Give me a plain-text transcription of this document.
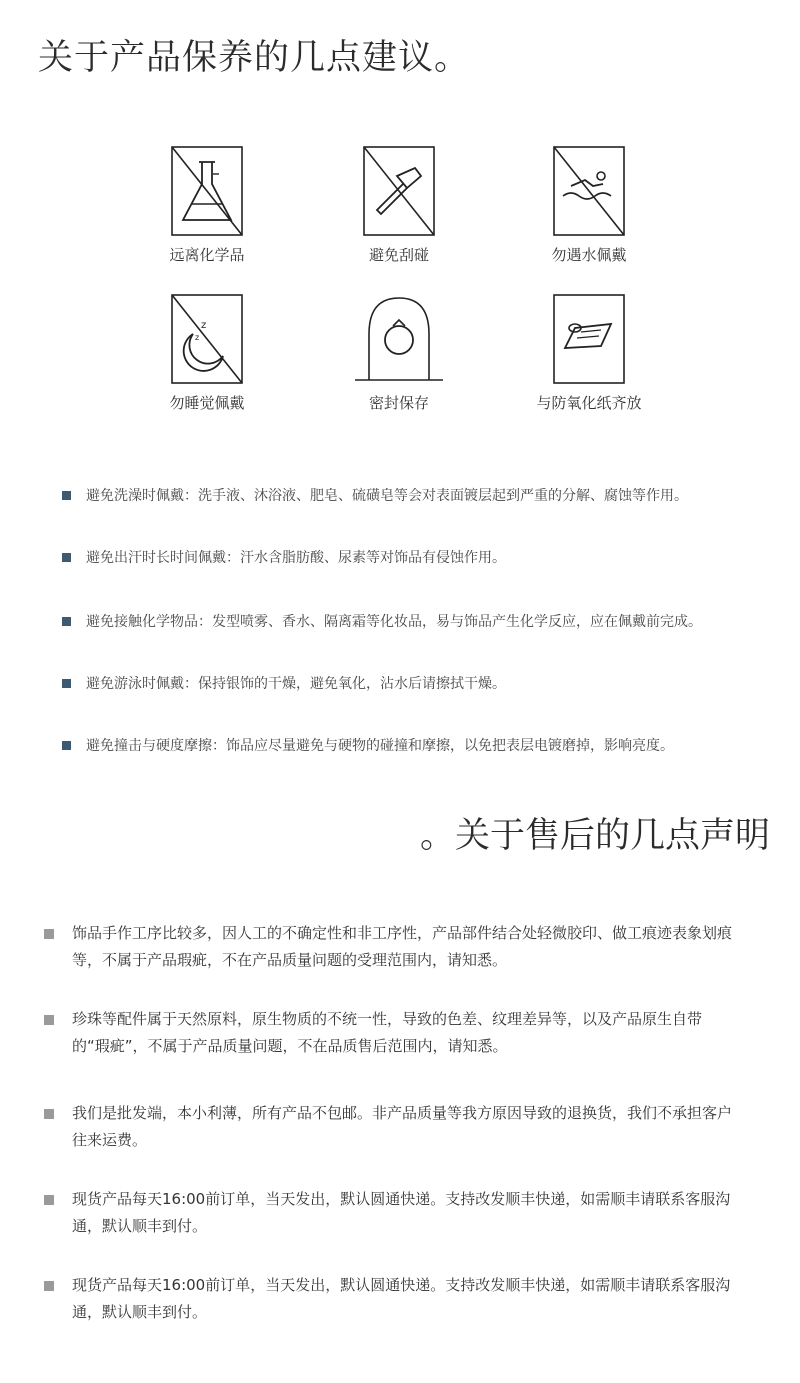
关于产品保养的几点建议。
远离化学品	避免刮碰	勿遇水佩戴
z
z
勿睡觉佩戴	密封保存	与防氧化纸齐放
避免洗澡时佩戴：洗手液、沐浴液、肥皂、硫磺皂等会对表面镀层起到严重的分解、腐蚀等作用。
避免出汗时长时间佩戴：汗水含脂肪酸、尿素等对饰品有侵蚀作用。
避免接触化学物品：发型喷雾、香水、隔离霜等化妆品，易与饰品产生化学反应，应在佩戴前完成。
避免游泳时佩戴：保持银饰的干燥，避免氧化，沾水后请擦拭干燥。
避免撞击与硬度摩擦：饰品应尽量避免与硬物的碰撞和摩擦，以免把表层电镀磨掉，影响亮度。
。关于售后的几点声明
饰品手作工序比较多，因人工的不确定性和非工序性，产品部件结合处轻微胶印、做工痕迹表象划痕等，不属于产品瑕疵，不在产品质量问题的受理范围内，请知悉。
珍珠等配件属于天然原料，原生物质的不统一性，导致的色差、纹理差异等，以及产品原生自带的“瑕疵”，不属于产品质量问题，不在品质售后范围内，请知悉。
我们是批发端，本小利薄，所有产品不包邮。非产品质量等我方原因导致的退换货，我们不承担客户往来运费。
现货产品每天16:00前订单，当天发出，默认圆通快递。支持改发顺丰快递，如需顺丰请联系客服沟通，默认顺丰到付。
现货产品每天16:00前订单，当天发出，默认圆通快递。支持改发顺丰快递，如需顺丰请联系客服沟通，默认顺丰到付。
